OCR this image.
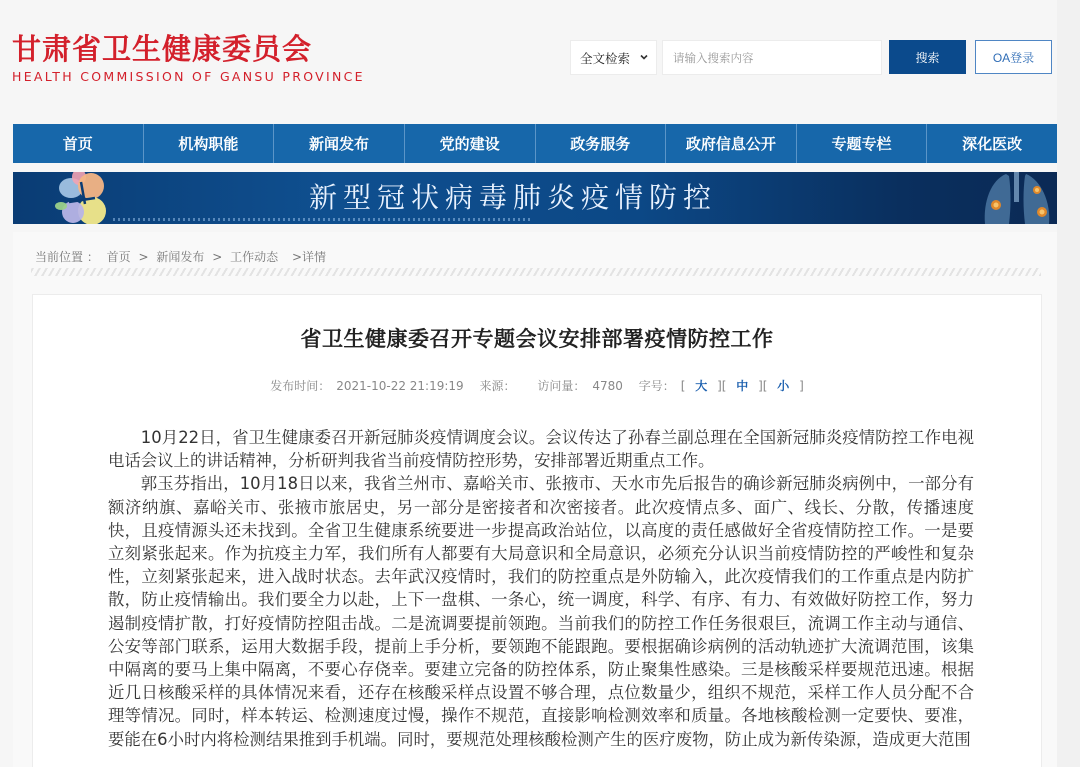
甘肃省卫生健康委员会
HEALTH COMMISSION OF GANSU PROVINCE
全文检索
请输入搜索内容	搜索	OA登录
首页	机构职能	新闻发布	党的建设	政务服务	政府信息公开	专题专栏	深化医改
新型冠状病毒肺炎疫情防控
当前位置 ： 首页 > 新闻发布 > 工作动态 >详情
省卫生健康委召开专题会议安排部署疫情防控工作
发布时间： 2021-10-22 21:19:19 来源： 访问量： 4780 字号： [ 大 ][ 中 ][ 小 ]

10月22日，省卫生健康委召开新冠肺炎疫情调度会议。会议传达了孙春兰副总理在全国新冠肺炎疫情防控工作电视电话会议上的讲话精神，分析研判我省当前疫情防控形势，安排部署近期重点工作。

郭玉芬指出，10月18日以来，我省兰州市、嘉峪关市、张掖市、天水市先后报告的确诊新冠肺炎病例中，一部分有额济纳旗、嘉峪关市、张掖市旅居史，另一部分是密接者和次密接者。此次疫情点多、面广、线长、分散，传播速度快，且疫情源头还未找到。全省卫生健康系统要进一步提高政治站位，以高度的责任感做好全省疫情防控工作。一是要立刻紧张起来。作为抗疫主力军，我们所有人都要有大局意识和全局意识，必须充分认识当前疫情防控的严峻性和复杂性，立刻紧张起来，进入战时状态。去年武汉疫情时，我们的防控重点是外防输入，此次疫情我们的工作重点是内防扩散，防止疫情输出。我们要全力以赴，上下一盘棋、一条心，统一调度，科学、有序、有力、有效做好防控工作，努力遏制疫情扩散，打好疫情防控阻击战。二是流调要提前领跑。当前我们的防控工作任务很艰巨，流调工作主动与通信、公安等部门联系，运用大数据手段，提前上手分析，要领跑不能跟跑。要根据确诊病例的活动轨迹扩大流调范围，该集中隔离的要马上集中隔离，不要心存侥幸。要建立完备的防控体系，防止聚集性感染。三是核酸采样要规范迅速。根据近几日核酸采样的具体情况来看，还存在核酸采样点设置不够合理，点位数量少，组织不规范，采样工作人员分配不合理等情况。同时，样本转运、检测速度过慢，操作不规范，直接影响检测效率和质量。各地核酸检测一定要快、要准，要能在6小时内将检测结果推到手机端。同时，要规范处理核酸检测产生的医疗废物，防止成为新传染源，造成更大范围
